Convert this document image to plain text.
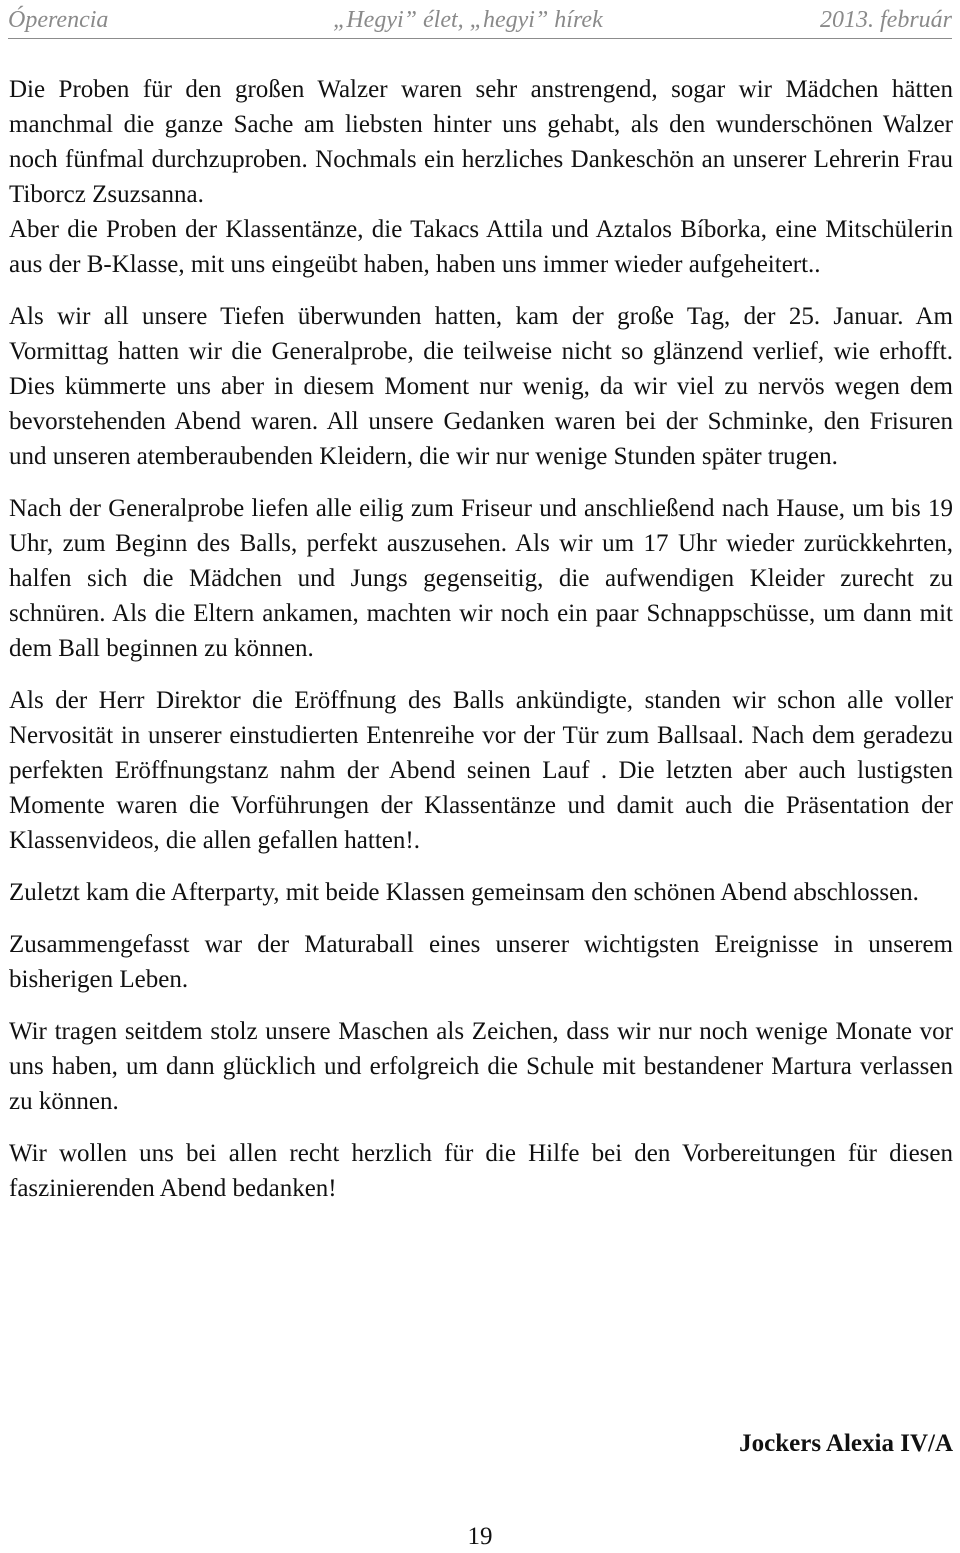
Óperencia	„Hegyi” élet, „hegyi” hírek	2013. február

Die Proben für den großen Walzer waren sehr anstrengend, sogar wir Mädchen hätten manchmal die ganze Sache am liebsten hinter uns gehabt, als den wunderschönen Walzer noch fünfmal durchzuproben. Nochmals ein herzliches Dankeschön an unserer Lehrerin Frau Tiborcz Zsuzsanna.

Aber die Proben der Klassentänze, die Takacs Attila und Aztalos Bíborka, eine Mitschülerin aus der B-Klasse, mit uns eingeübt haben, haben uns immer wieder aufgeheitert..

Als wir all unsere Tiefen überwunden hatten, kam der große Tag, der 25. Januar. Am Vormittag hatten wir die Generalprobe, die teilweise nicht so glänzend verlief, wie erhofft. Dies kümmerte uns aber in diesem Moment nur wenig, da wir viel zu nervös wegen dem bevorstehenden Abend waren. All unsere Gedanken waren bei der Schminke, den Frisuren und unseren atemberaubenden Kleidern, die wir nur wenige Stunden später trugen.

Nach der Generalprobe liefen alle eilig zum Friseur und anschließend nach Hause, um bis 19 Uhr, zum Beginn des Balls, perfekt auszusehen. Als wir um 17 Uhr wieder zurückkehrten, halfen sich die Mädchen und Jungs gegenseitig, die aufwendigen Kleider zurecht zu schnüren. Als die Eltern ankamen, machten wir noch ein paar Schnappschüsse, um dann mit dem Ball beginnen zu können.

Als der Herr Direktor die Eröffnung des Balls ankündigte, standen wir schon alle voller Nervosität in unserer einstudierten Entenreihe vor der Tür zum Ballsaal. Nach dem geradezu perfekten Eröffnungstanz nahm der Abend seinen Lauf . Die letzten aber auch lustigsten Momente waren die Vorführungen der Klassentänze und damit auch die Präsentation der Klassenvideos, die allen gefallen hatten!.

Zuletzt kam die Afterparty, mit beide Klassen gemeinsam den schönen Abend abschlossen.

Zusammengefasst war der Maturaball eines unserer wichtigsten Ereignisse in unserem bisherigen Leben.

Wir tragen seitdem stolz unsere Maschen als Zeichen, dass wir nur noch wenige Monate vor uns haben, um dann glücklich und erfolgreich die Schule mit bestandener Martura verlassen zu können.

Wir wollen uns bei allen recht herzlich für die Hilfe bei den Vorbereitungen für diesen faszinierenden Abend bedanken!

Jockers Alexia IV/A
19
